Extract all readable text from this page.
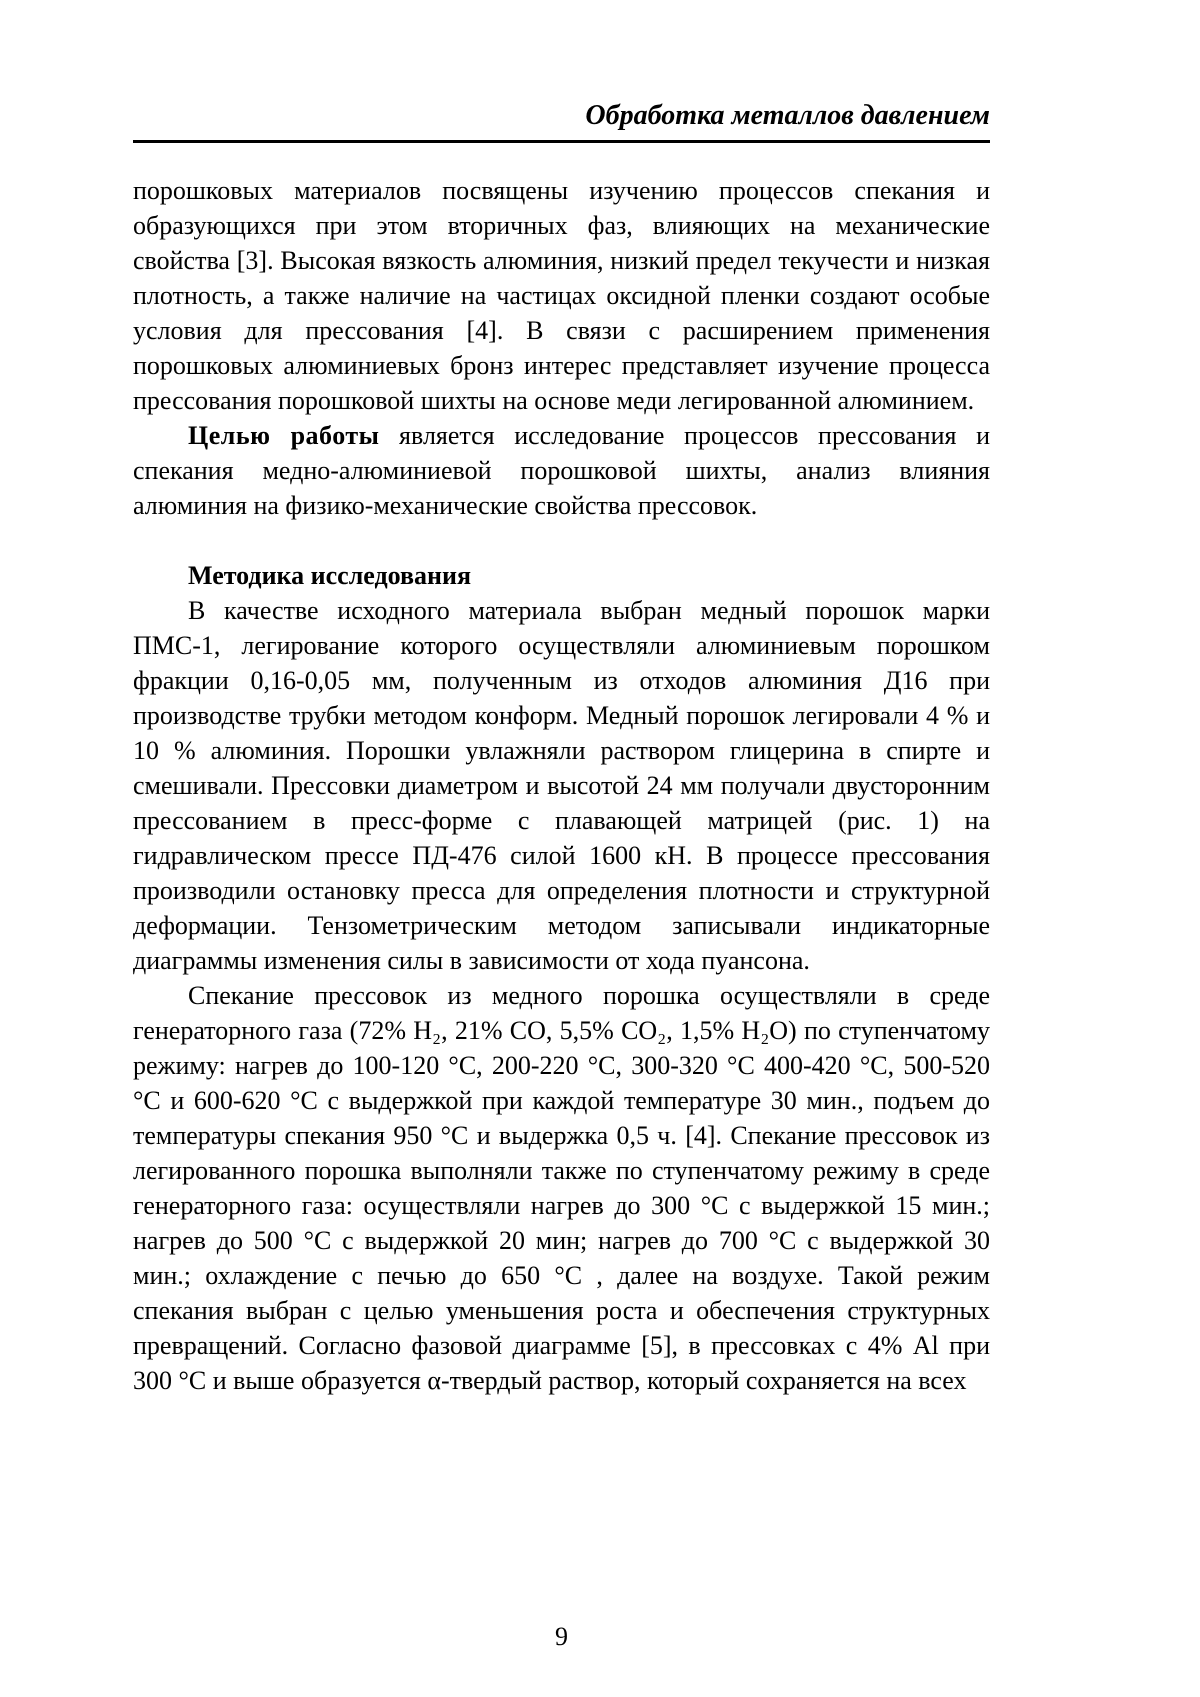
Обработка металлов давлением

порошковых материалов посвящены изучению процессов спекания и образующихся при этом вторичных фаз, влияющих на механические свойства [3]. Высокая вязкость алюминия, низкий предел текучести и низкая плотность, а также наличие на частицах оксидной пленки создают особые условия для прессования [4]. В связи с расширением применения порошковых алюминиевых бронз интерес представляет изучение процесса прессования порошковой шихты на основе меди легированной алюминием.

Целью работы является исследование процессов прессования и спекания медно-алюминиевой порошковой шихты, анализ влияния алюминия на физико-механические свойства прессовок.

Методика исследования

В качестве исходного материала выбран медный порошок марки ПМС-1, легирование которого осуществляли алюминиевым порошком фракции 0,16-0,05 мм, полученным из отходов алюминия Д16 при производстве трубки методом конформ. Медный порошок легировали 4 % и 10 % алюминия. Порошки увлажняли раствором глицерина в спирте и смешивали. Прессовки диаметром и высотой 24 мм получали двусторонним прессованием в пресс-форме с плавающей матрицей (рис. 1) на гидравлическом прессе ПД-476 силой 1600 кН. В процессе прессования производили остановку пресса для определения плотности и структурной деформации. Тензометрическим методом записывали индикаторные диаграммы изменения силы в зависимости от хода пуансона.

Спекание прессовок из медного порошка осуществляли в среде генераторного газа (72% H₂, 21% CO, 5,5% CO₂, 1,5% H₂O) по ступенчатому режиму: нагрев до 100-120 °С, 200-220 °С, 300-320 °С 400-420 °С, 500-520 °С и 600-620 °С с выдержкой при каждой температуре 30 мин., подъем до температуры спекания 950 °С и выдержка 0,5 ч. [4]. Спекание прессовок из легированного порошка выполняли также по ступенчатому режиму в среде генераторного газа: осуществляли нагрев до 300 °С с выдержкой 15 мин.; нагрев до 500 °С с выдержкой 20 мин; нагрев до 700 °С с выдержкой 30 мин.; охлаждение с печью до 650 °С , далее на воздухе. Такой режим спекания выбран с целью уменьшения роста и обеспечения структурных превращений. Согласно фазовой диаграмме [5], в прессовках с 4% Al при 300 °С и выше образуется α-твердый раствор, который сохраняется на всех

9
